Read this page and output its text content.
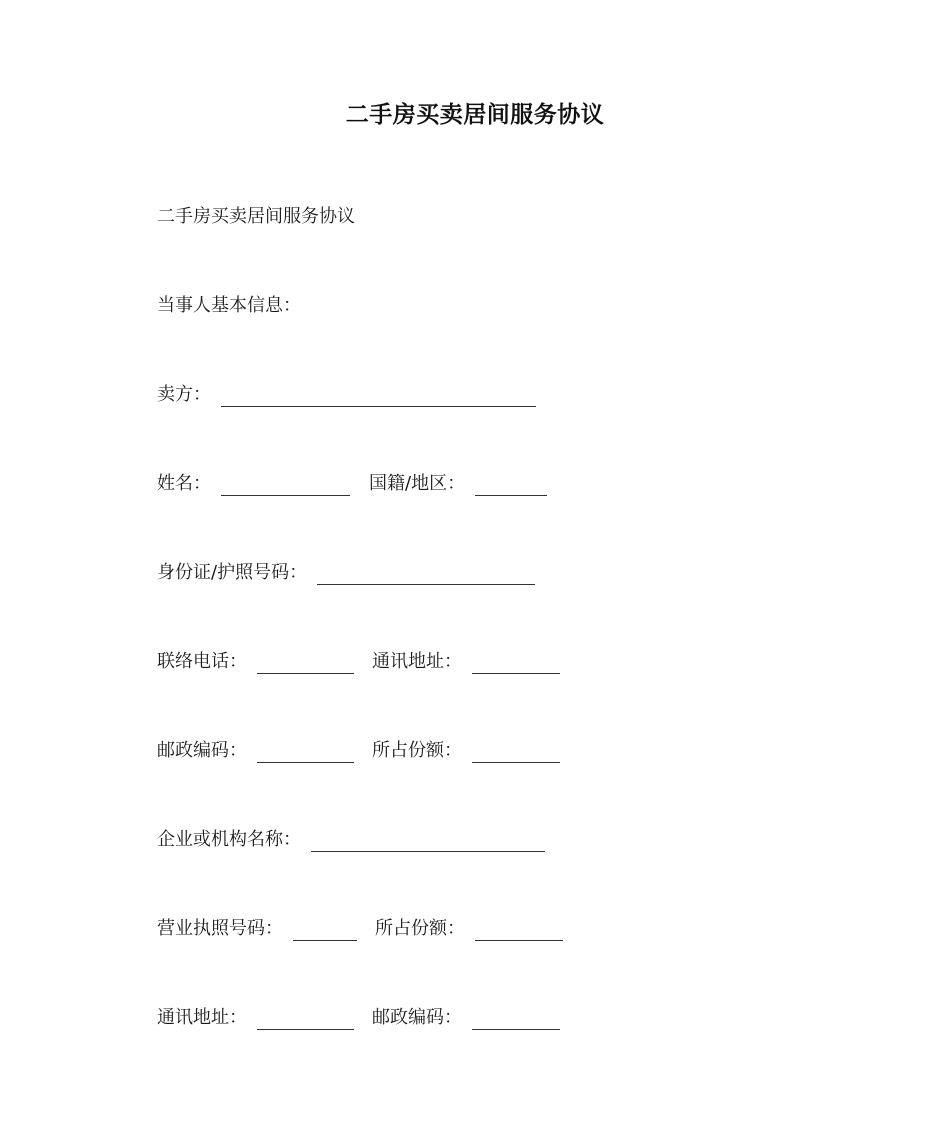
二手房买卖居间服务协议
二手房买卖居间服务协议
当事人基本信息：
卖方：
姓名：	国籍/地区：
身份证/护照号码：
联络电话：	通讯地址：
邮政编码：	所占份额：
企业或机构名称：
营业执照号码：	所占份额：
通讯地址：	邮政编码：
